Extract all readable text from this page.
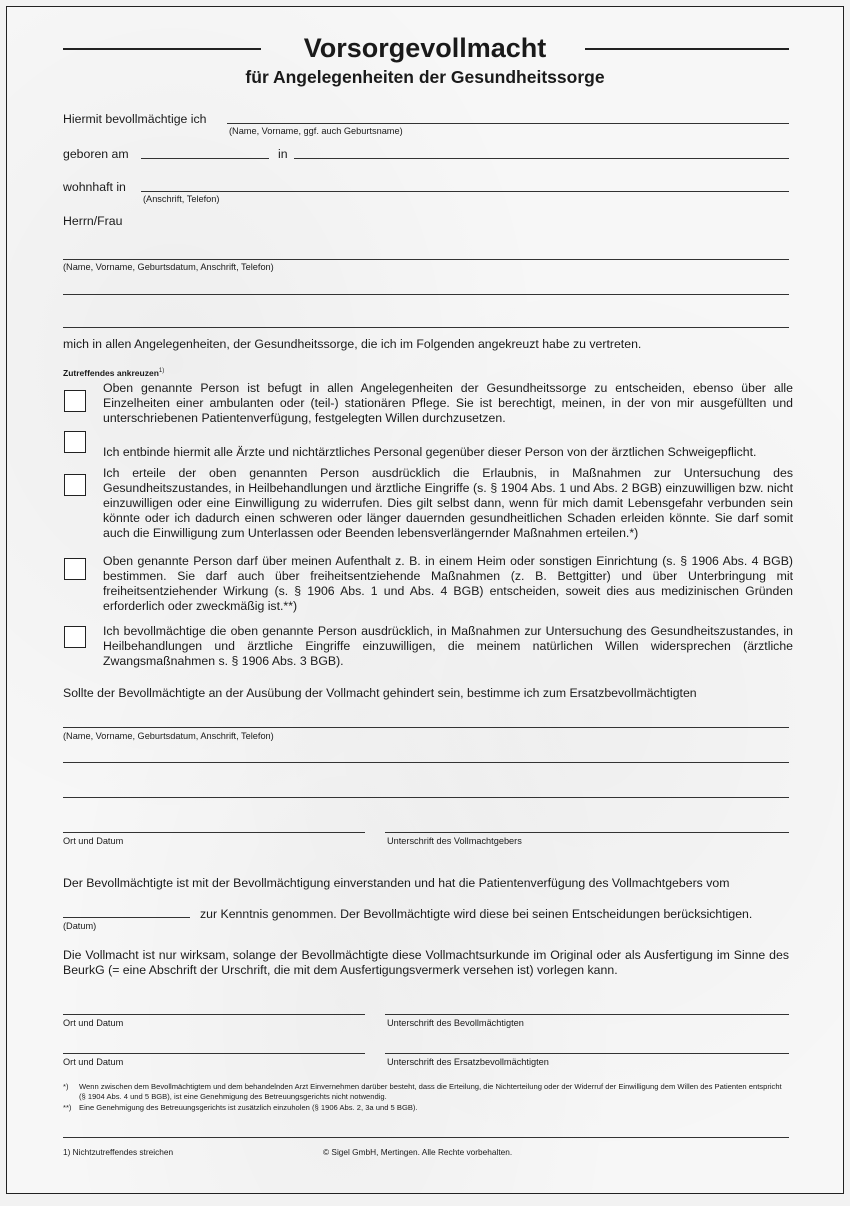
Vorsorgevollmacht
für Angelegenheiten der Gesundheitssorge
Hiermit bevollmächtige ich
(Name, Vorname, ggf. auch Geburtsname)
geboren am	in
wohnhaft in
(Anschrift, Telefon)
Herrn/Frau
(Name, Vorname, Geburtsdatum, Anschrift, Telefon)
mich in allen Angelegenheiten, der Gesundheitssorge, die ich im Folgenden angekreuzt habe zu vertreten.
Zutreffendes ankreuzen$^{1)}$
Oben genannte Person ist befugt in allen Angelegenheiten der Gesundheitssorge zu entscheiden, ebenso über alle Einzelheiten einer ambulanten oder (teil-) stationären Pflege. Sie ist berechtigt, meinen, in der von mir ausgefüllten und unterschriebenen Patientenverfügung, festgelegten Willen durchzusetzen.
Ich entbinde hiermit alle Ärzte und nichtärztliches Personal gegenüber dieser Person von der ärztlichen Schweigepflicht.
Ich erteile der oben genannten Person ausdrücklich die Erlaubnis, in Maßnahmen zur Untersuchung des Gesundheitszustandes, in Heilbehandlungen und ärztliche Eingriffe (s. § 1904 Abs. 1 und Abs. 2 BGB) einzuwilligen bzw. nicht einzuwilligen oder eine Einwilligung zu widerrufen. Dies gilt selbst dann, wenn für mich damit Lebensgefahr verbunden sein könnte oder ich dadurch einen schweren oder länger dauernden gesundheitlichen Schaden erleiden könnte. Sie darf somit auch die Einwilligung zum Unterlassen oder Beenden lebensverlängernder Maßnahmen erteilen.*)
Oben genannte Person darf über meinen Aufenthalt z. B. in einem Heim oder sonstigen Einrichtung (s. § 1906 Abs. 4 BGB) bestimmen. Sie darf auch über freiheitsentziehende Maßnahmen (z. B. Bettgitter) und über Unterbringung mit freiheitsentziehender Wirkung (s. § 1906 Abs. 1 und Abs. 4 BGB) entscheiden, soweit dies aus medizinischen Gründen erforderlich oder zweckmäßig ist.**)
Ich bevollmächtige die oben genannte Person ausdrücklich, in Maßnahmen zur Untersuchung des Gesundheitszustandes, in Heilbehandlungen und ärztliche Eingriffe einzuwilligen, die meinem natürlichen Willen widersprechen (ärztliche Zwangsmaßnahmen s. § 1906 Abs. 3 BGB).
Sollte der Bevollmächtigte an der Ausübung der Vollmacht gehindert sein, bestimme ich zum Ersatzbevollmächtigten
(Name, Vorname, Geburtsdatum, Anschrift, Telefon)
Ort und Datum	Unterschrift des Vollmachtgebers
Der Bevollmächtigte ist mit der Bevollmächtigung einverstanden und hat die Patientenverfügung des Vollmachtgebers vom
zur Kenntnis genommen. Der Bevollmächtigte wird diese bei seinen Entscheidungen berücksichtigen.
(Datum)
Die Vollmacht ist nur wirksam, solange der Bevollmächtigte diese Vollmachtsurkunde im Original oder als Ausfertigung im Sinne des BeurkG (= eine Abschrift der Urschrift, die mit dem Ausfertigungsvermerk versehen ist) vorlegen kann.
Ort und Datum	Unterschrift des Bevollmächtigten
Ort und Datum	Unterschrift des Ersatzbevollmächtigten
*) Wenn zwischen dem Bevollmächtigtem und dem behandelnden Arzt Einvernehmen darüber besteht, dass die Erteilung, die Nichterteilung oder der Widerruf der Einwilligung dem Willen des Patienten entspricht (§ 1904 Abs. 4 und 5 BGB), ist eine Genehmigung des Betreuungsgerichts nicht notwendig.
**) Eine Genehmigung des Betreuungsgerichts ist zusätzlich einzuholen (§ 1906 Abs. 2, 3a und 5 BGB).
1) Nichtzutreffendes streichen	© Sigel GmbH, Mertingen. Alle Rechte vorbehalten.
